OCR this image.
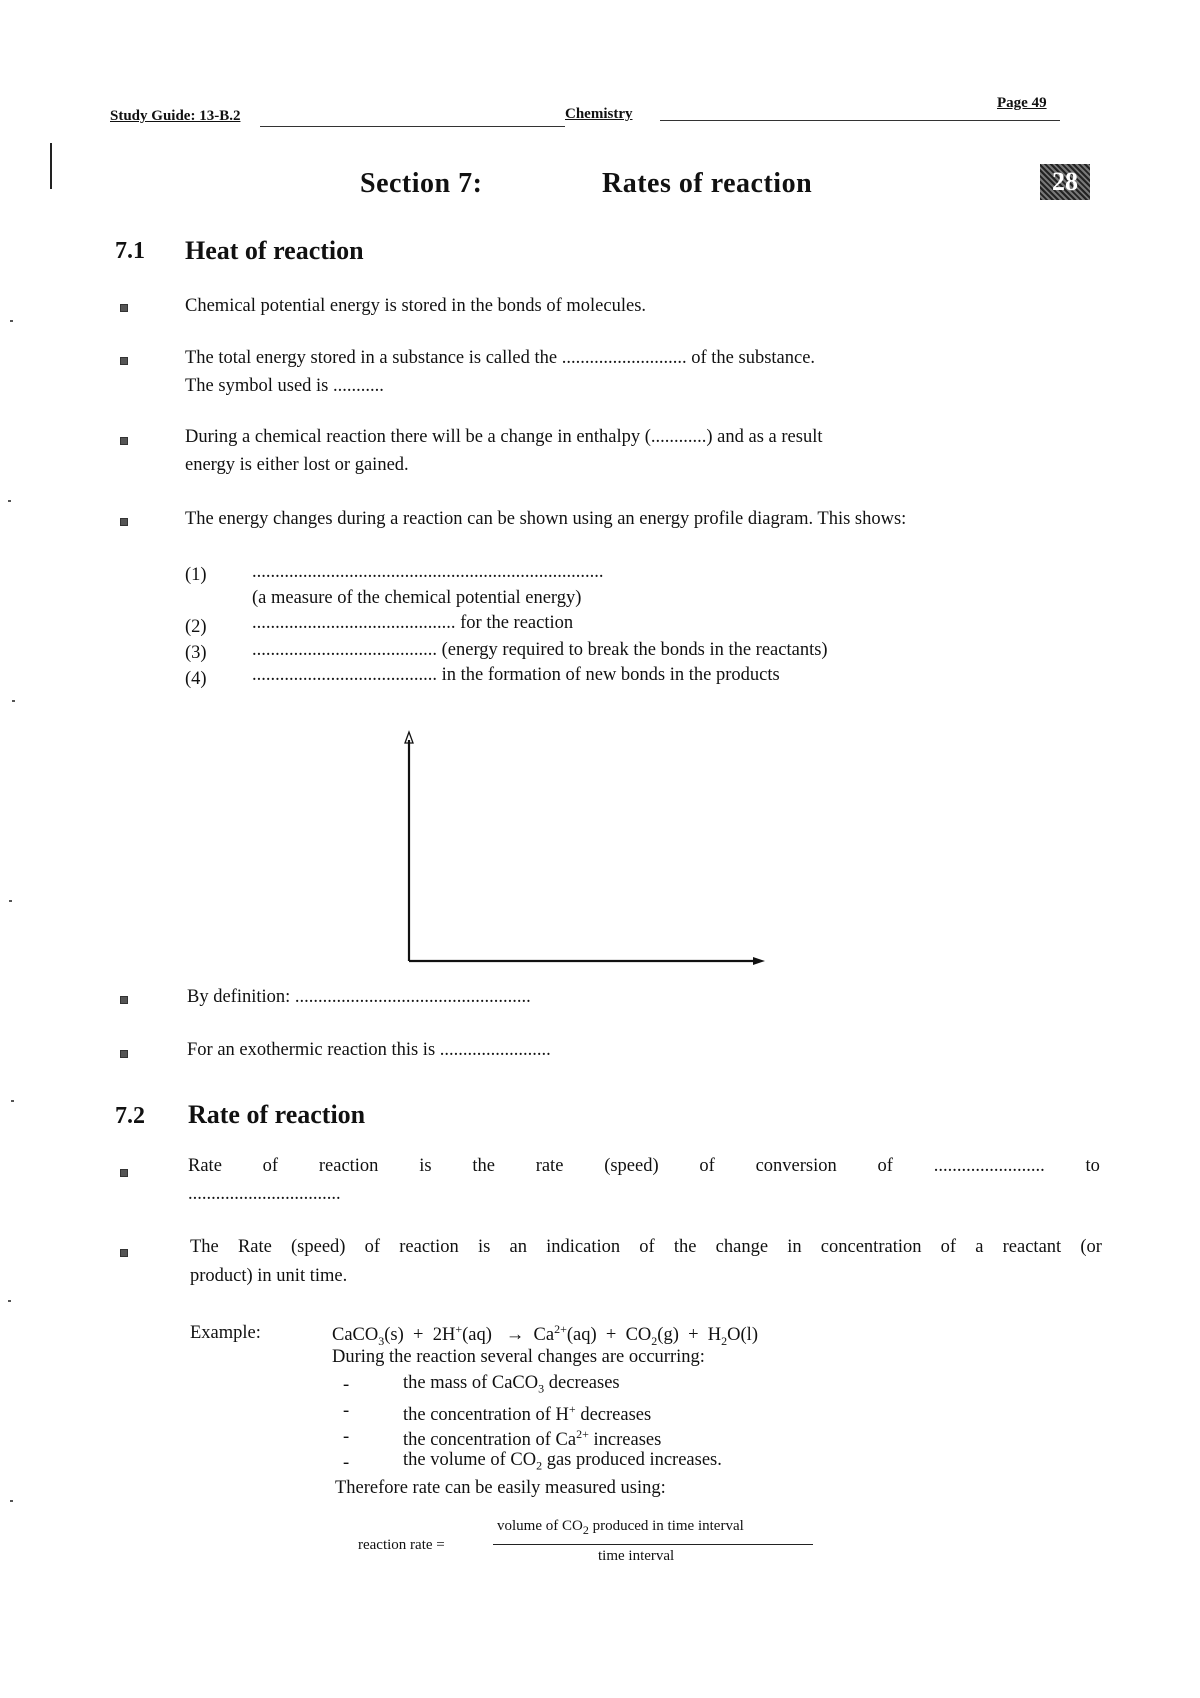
Study Guide: 13-B.2	Chemistry
Page 49
Section 7:	Rates of reaction	28
7.1 Heat of reaction
Chemical potential energy is stored in the bonds of molecules.
The total energy stored in a substance is called the ........................... of the substance.
The symbol used is ...........
During a chemical reaction there will be a change in enthalpy (............) and as a result
energy is either lost or gained.
The energy changes during a reaction can be shown using an energy profile diagram. This shows:
(1) ............................................................................
(a measure of the chemical potential energy)
(2) ............................................ for the reaction
(3) ........................................ (energy required to break the bonds in the reactants)
(4) ........................................ in the formation of new bonds in the products
By definition: ...................................................
For an exothermic reaction this is ........................
7.2 Rate of reaction
Rate of reaction is the rate (speed) of conversion of ........................ to
.................................
The Rate (speed) of reaction is an indication of the change in concentration of a reactant (or
product) in unit time.
Example:	CaCO$_3$(s)  +  $2H^+(aq) \to Ca^{2+}(aq) + CO_2(g) + H_2O(l)$
During the reaction several changes are occurring:
-	the mass of CaCO$_3$ decreases
-	the concentration of H+ decreases
-	the concentration of $Ca^{2+}$ increases
-	the volume of $CO_2$ gas produced increases.
Therefore rate can be easily measured using:
reaction rate =
volume of $CO_2$ produced in time interval
time interval
